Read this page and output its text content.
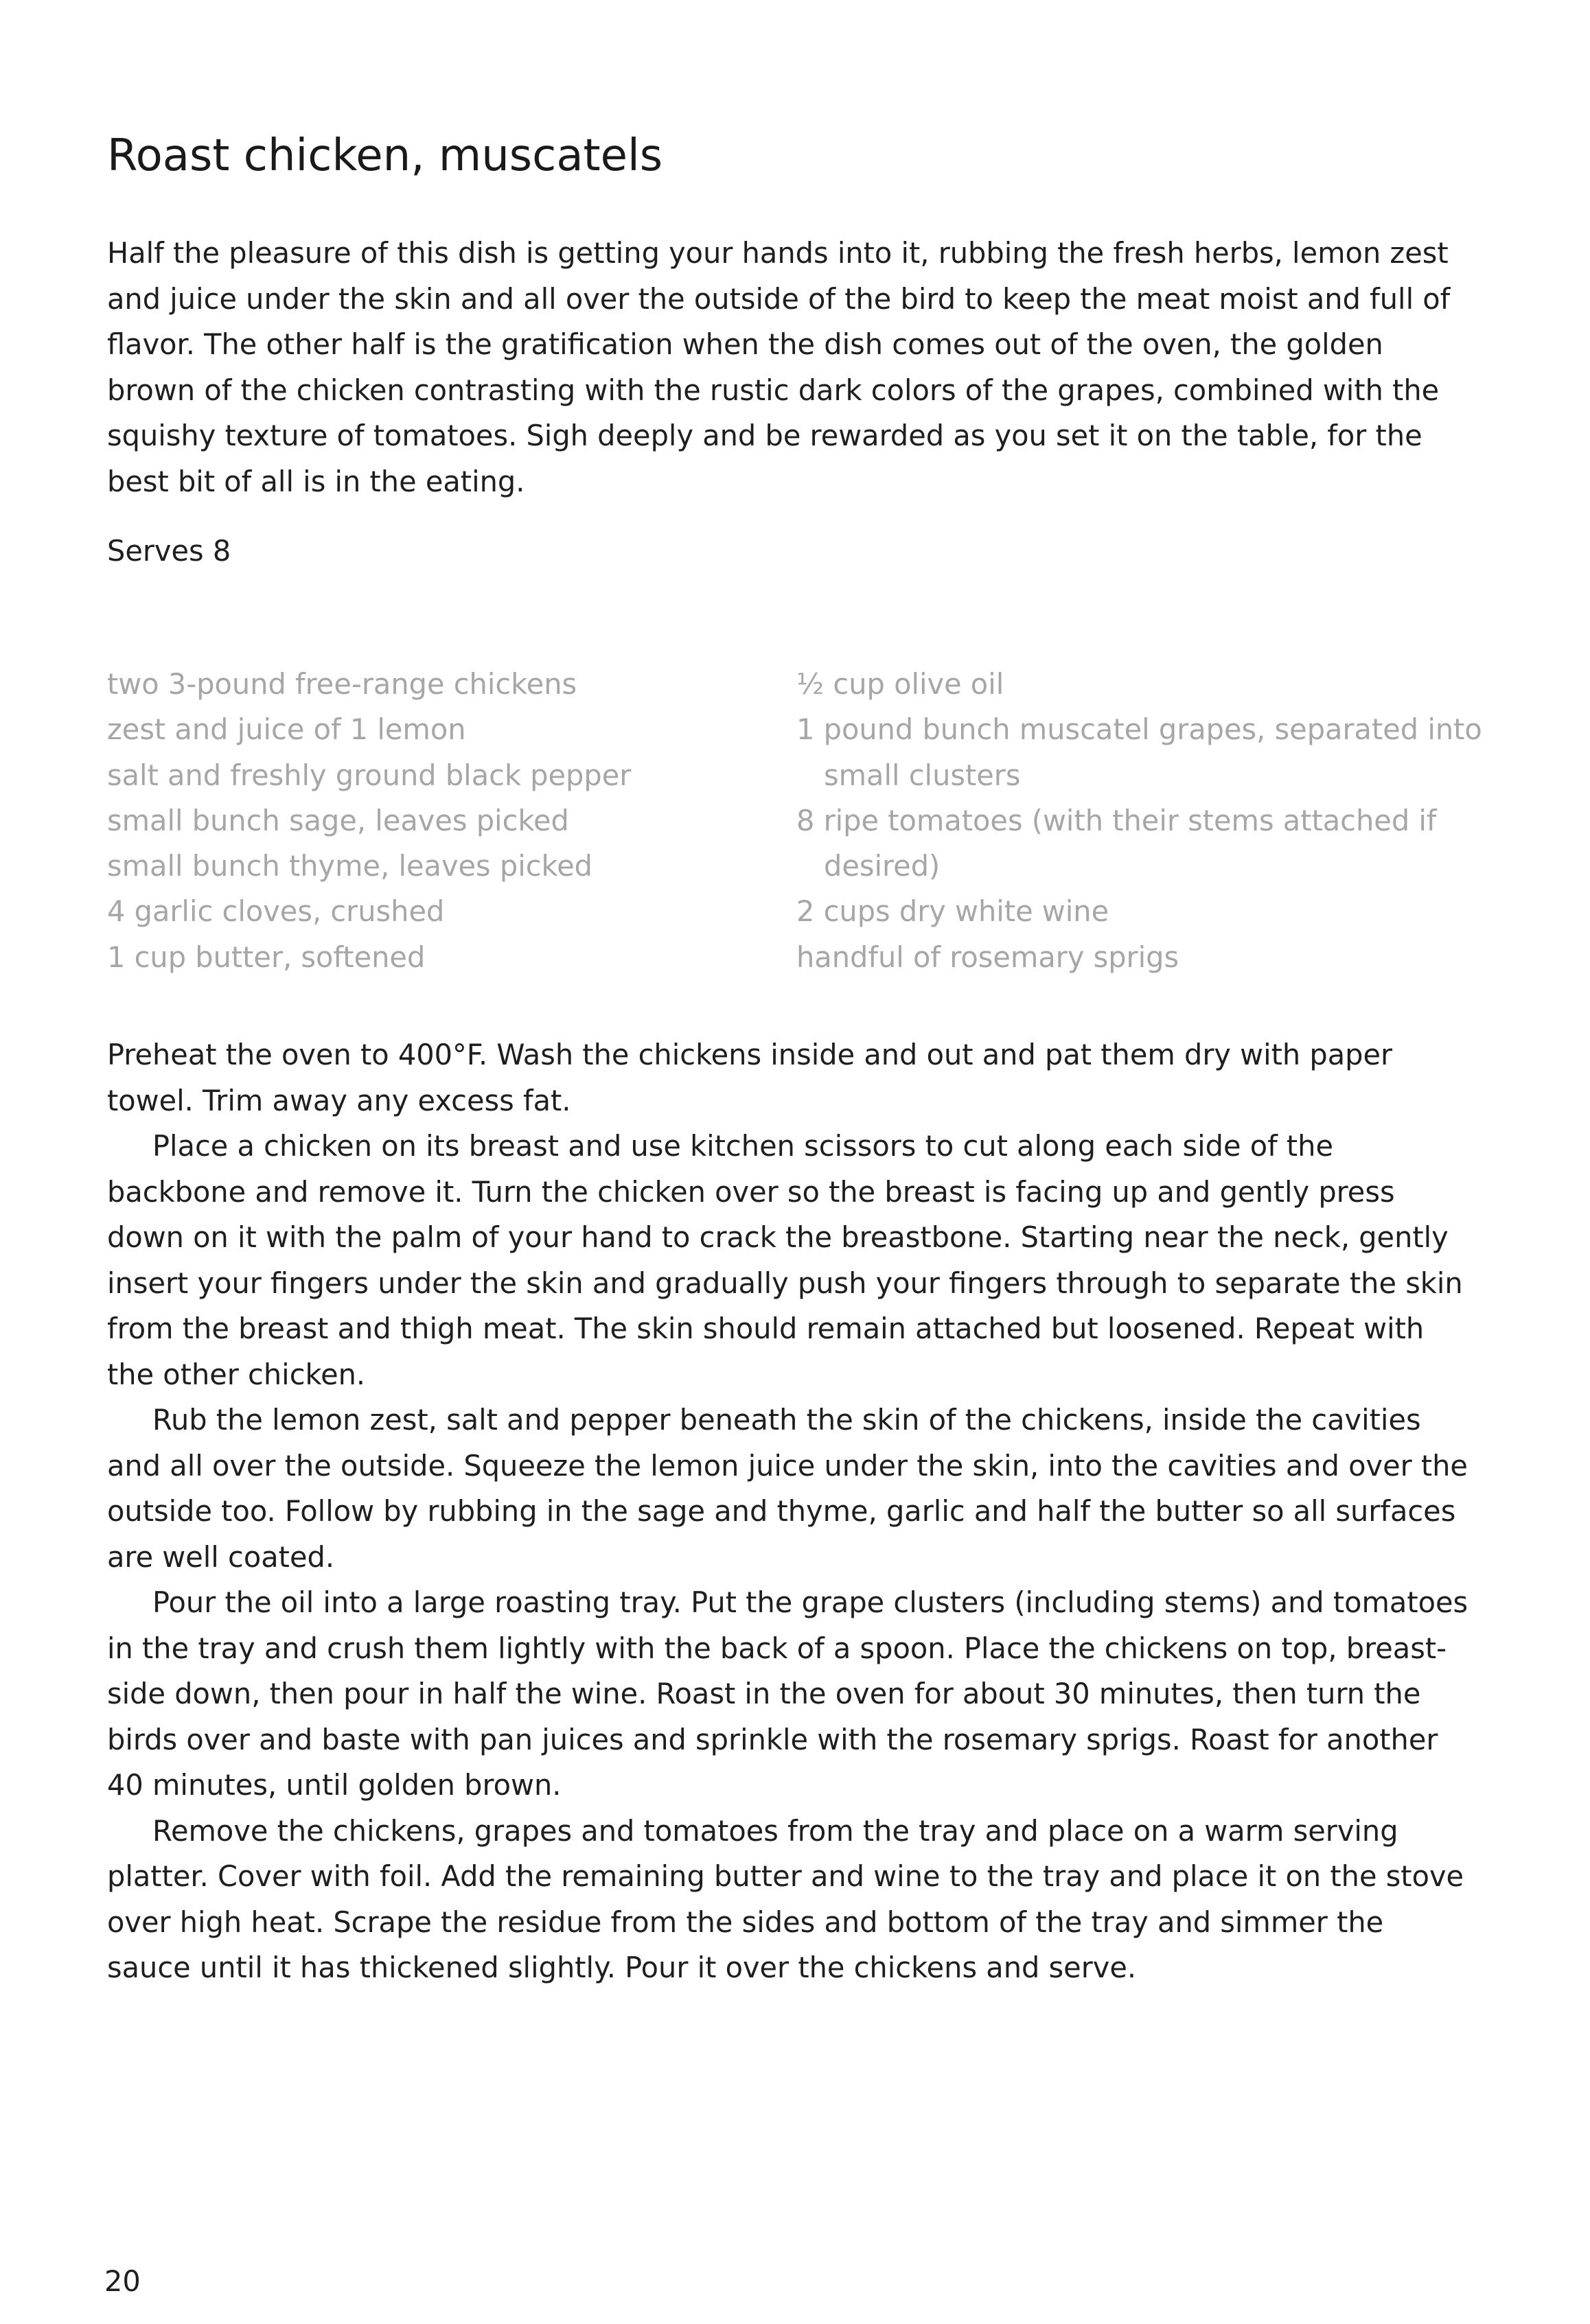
Roast chicken, muscatels

Half the pleasure of this dish is getting your hands into it, rubbing the fresh herbs, lemon zest and juice under the skin and all over the outside of the bird to keep the meat moist and full of flavor. The other half is the gratification when the dish comes out of the oven, the golden brown of the chicken contrasting with the rustic dark colors of the grapes, combined with the squishy texture of tomatoes. Sigh deeply and be rewarded as you set it on the table, for the best bit of all is in the eating.

Serves 8

two 3-pound free-range chickens
zest and juice of 1 lemon
salt and freshly ground black pepper
small bunch sage, leaves picked
small bunch thyme, leaves picked
4 garlic cloves, crushed
1 cup butter, softened
½ cup olive oil
1 pound bunch muscatel grapes, separated into small clusters
8 ripe tomatoes (with their stems attached if desired)
2 cups dry white wine
handful of rosemary sprigs

Preheat the oven to 400°F. Wash the chickens inside and out and pat them dry with paper towel. Trim away any excess fat.

Place a chicken on its breast and use kitchen scissors to cut along each side of the backbone and remove it. Turn the chicken over so the breast is facing up and gently press down on it with the palm of your hand to crack the breastbone. Starting near the neck, gently insert your fingers under the skin and gradually push your fingers through to separate the skin from the breast and thigh meat. The skin should remain attached but loosened. Repeat with the other chicken.

Rub the lemon zest, salt and pepper beneath the skin of the chickens, inside the cavities and all over the outside. Squeeze the lemon juice under the skin, into the cavities and over the outside too. Follow by rubbing in the sage and thyme, garlic and half the butter so all surfaces are well coated.

Pour the oil into a large roasting tray. Put the grape clusters (including stems) and tomatoes in the tray and crush them lightly with the back of a spoon. Place the chickens on top, breast-side down, then pour in half the wine. Roast in the oven for about 30 minutes, then turn the birds over and baste with pan juices and sprinkle with the rosemary sprigs. Roast for another 40 minutes, until golden brown.

Remove the chickens, grapes and tomatoes from the tray and place on a warm serving platter. Cover with foil. Add the remaining butter and wine to the tray and place it on the stove over high heat. Scrape the residue from the sides and bottom of the tray and simmer the sauce until it has thickened slightly. Pour it over the chickens and serve.

20
